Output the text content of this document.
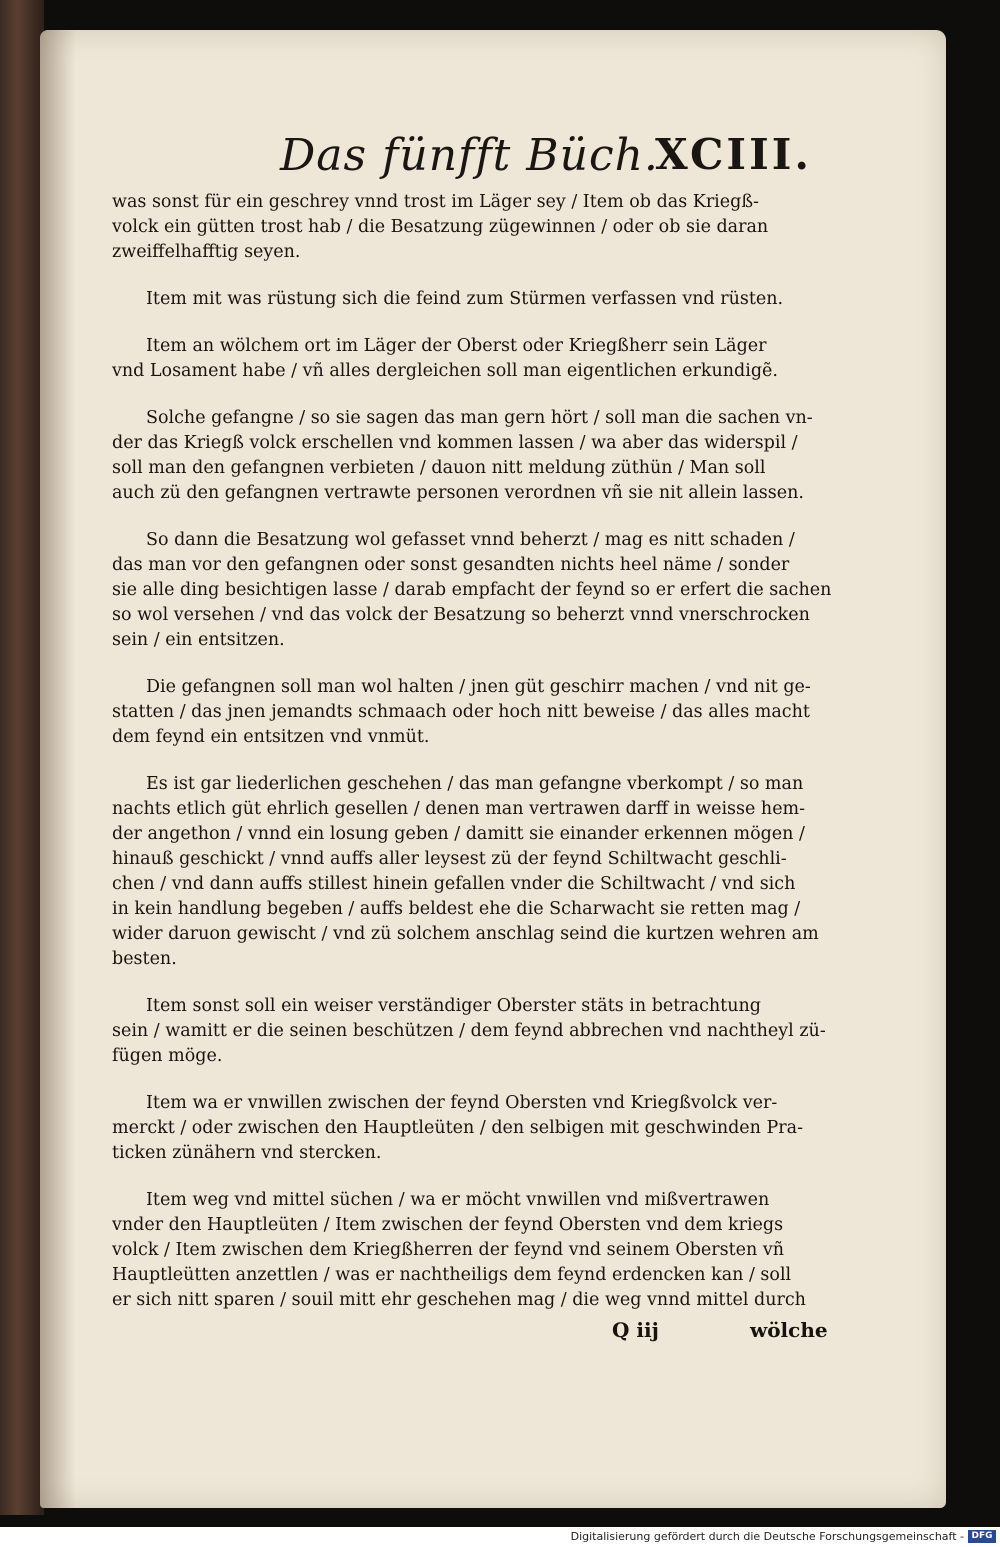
Das fünfft Büch.
XCIII.
was sonst für ein geschrey vnnd trost im Läger sey / Item ob das Kriegß-
volck ein gütten trost hab / die Besatzung zügewinnen / oder ob sie daran
zweiffelhafftig seyen.
Item mit was rüstung sich die feind zum Stürmen verfassen vnd rüsten.
Item an wölchem ort im Läger der Oberst oder Kriegßherr sein Läger
vnd Losament habe / vñ alles dergleichen soll man eigentlichen erkundigẽ.
Solche gefangne / so sie sagen das man gern hört / soll man die sachen vn-
der das Kriegß volck erschellen vnd kommen lassen / wa aber das widerspil /
soll man den gefangnen verbieten / dauon nitt meldung züthün / Man soll
auch zü den gefangnen vertrawte personen verordnen vñ sie nit allein lassen.
So dann die Besatzung wol gefasset vnnd beherzt / mag es nitt schaden /
das man vor den gefangnen oder sonst gesandten nichts heel näme / sonder
sie alle ding besichtigen lasse / darab empfacht der feynd so er erfert die sachen
so wol versehen / vnd das volck der Besatzung so beherzt vnnd vnerschrocken
sein / ein entsitzen.
Die gefangnen soll man wol halten / jnen güt geschirr machen / vnd nit ge-
statten / das jnen jemandts schmaach oder hoch nitt beweise / das alles macht
dem feynd ein entsitzen vnd vnmüt.
Es ist gar liederlichen geschehen / das man gefangne vberkompt / so man
nachts etlich güt ehrlich gesellen / denen man vertrawen darff in weisse hem-
der angethon / vnnd ein losung geben / damitt sie einander erkennen mögen /
hinauß geschickt / vnnd auffs aller leysest zü der feynd Schiltwacht geschli-
chen / vnd dann auffs stillest hinein gefallen vnder die Schiltwacht / vnd sich
in kein handlung begeben / auffs beldest ehe die Scharwacht sie retten mag /
wider daruon gewischt / vnd zü solchem anschlag seind die kurtzen wehren am
besten.
Item sonst soll ein weiser verständiger Oberster stäts in betrachtung
sein / wamitt er die seinen beschützen / dem feynd abbrechen vnd nachtheyl zü-
fügen möge.
Item wa er vnwillen zwischen der feynd Obersten vnd Kriegßvolck ver-
merckt / oder zwischen den Hauptleüten / den selbigen mit geschwinden Pra-
ticken zünähern vnd stercken.
Item weg vnd mittel süchen / wa er möcht vnwillen vnd mißvertrawen
vnder den Hauptleüten / Item zwischen der feynd Obersten vnd dem kriegs
volck / Item zwischen dem Kriegßherren der feynd vnd seinem Obersten vñ
Hauptleütten anzettlen / was er nachtheiligs dem feynd erdencken kan / soll
er sich nitt sparen / souil mitt ehr geschehen mag / die weg vnnd mittel durch
Q iij	wölche
Digitalisierung gefördert durch die Deutsche Forschungsgemeinschaft - DFG
